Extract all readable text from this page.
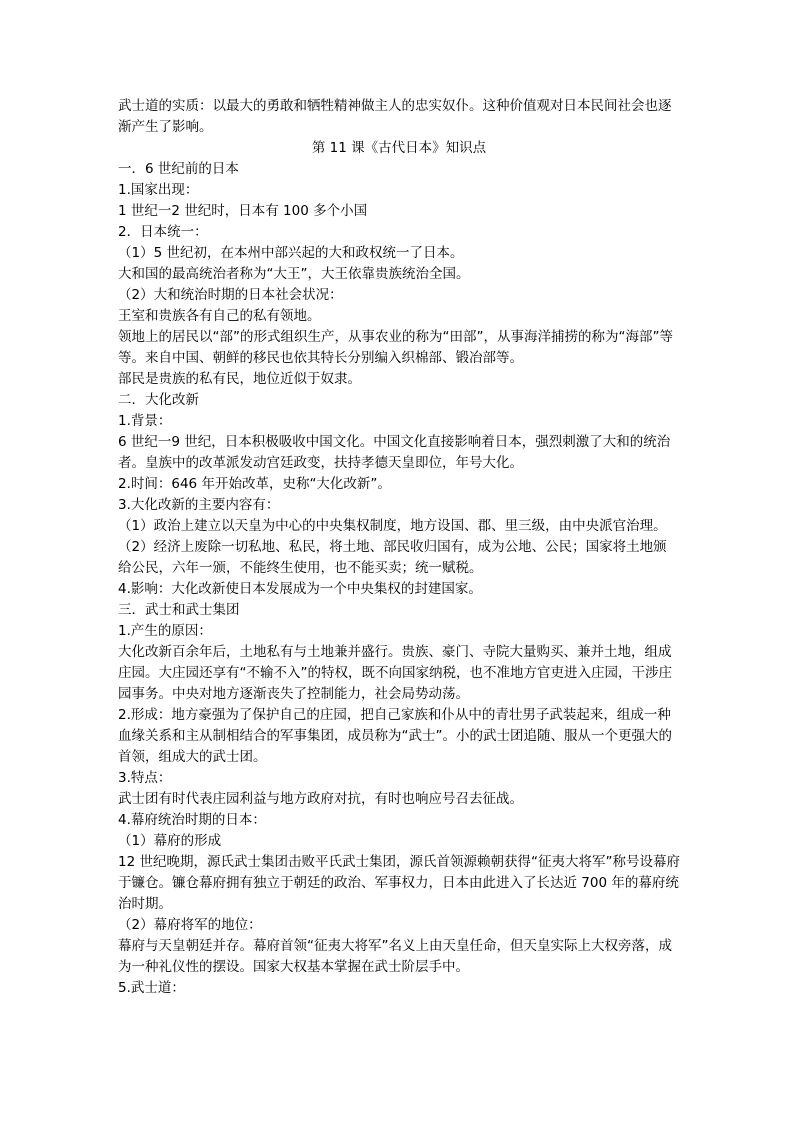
武士道的实质：以最大的勇敢和牺牲精神做主人的忠实奴仆。这种价值观对日本民间社会也逐渐产生了影响。

第 11 课《古代日本》知识点

一．6 世纪前的日本

1.国家出现：

1 世纪一2 世纪时，日本有 100 多个小国

2．日本统一：

（1）5 世纪初，在本州中部兴起的大和政权统一了日本。

大和国的最高统治者称为“大王”，大王依靠贵族统治全国。

（2）大和统治时期的日本社会状况：

王室和贵族各有自己的私有领地。

领地上的居民以“部”的形式组织生产，从事农业的称为“田部”，从事海洋捕捞的称为“海部”等等。来自中国、朝鲜的移民也依其特长分别编入织棉部、锻冶部等。

部民是贵族的私有民，地位近似于奴隶。

二．大化改新

1.背景：

6 世纪一9 世纪，日本积极吸收中国文化。中国文化直接影响着日本，强烈刺激了大和的统治者。皇族中的改革派发动宫廷政变，扶持孝德天皇即位，年号大化。

2.时间：646 年开始改革，史称“大化改新”。

3.大化改新的主要内容有：

（1）政治上建立以天皇为中心的中央集权制度，地方设国、郡、里三级，由中央派官治理。

（2）经济上废除一切私地、私民，将土地、部民收归国有，成为公地、公民；国家将土地颁给公民，六年一颁，不能终生使用，也不能买卖；统一赋税。

4.影响：大化改新使日本发展成为一个中央集权的封建国家。

三．武士和武士集团

1.产生的原因：

大化改新百余年后，土地私有与土地兼并盛行。贵族、豪门、寺院大量购买、兼并土地，组成庄园。大庄园还享有“不输不入”的特权，既不向国家纳税，也不准地方官吏进入庄园，干涉庄园事务。中央对地方逐渐丧失了控制能力，社会局势动荡。

2.形成：地方豪强为了保护自己的庄园，把自己家族和仆从中的青壮男子武装起来，组成一种血缘关系和主从制相结合的军事集团，成员称为“武士”。小的武士团追随、服从一个更强大的首领，组成大的武士团。

3.特点：

武士团有时代表庄园利益与地方政府对抗，有时也响应号召去征战。

4.幕府统治时期的日本：

（1）幕府的形成

12 世纪晚期，源氏武士集团击败平氏武士集团，源氏首领源赖朝获得“征夷大将军”称号设幕府于镰仓。镰仓幕府拥有独立于朝廷的政治、军事权力，日本由此进入了长达近 700 年的幕府统治时期。

（2）幕府将军的地位：

幕府与天皇朝廷并存。幕府首领“征夷大将军”名义上由天皇任命，但天皇实际上大权旁落，成为一种礼仪性的摆设。国家大权基本掌握在武士阶层手中。

5.武士道：
